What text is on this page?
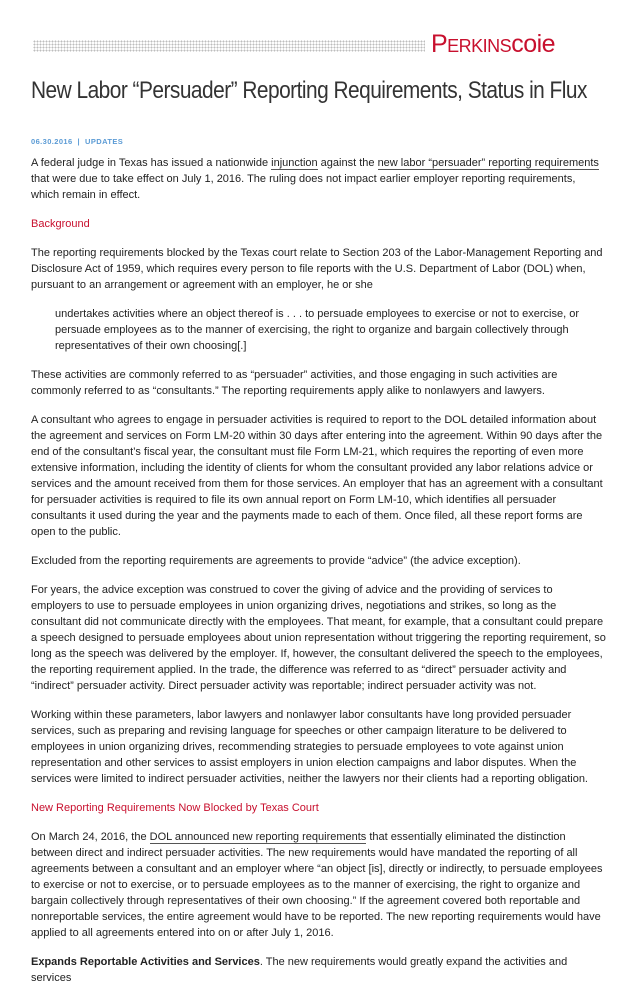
Perkinscoie
New Labor “Persuader” Reporting Requirements, Status in Flux
06.30.2016 | UPDATES

A federal judge in Texas has issued a nationwide injunction against the new labor “persuader” reporting requirements that were due to take effect on July 1, 2016. The ruling does not impact earlier employer reporting requirements, which remain in effect.

Background

The reporting requirements blocked by the Texas court relate to Section 203 of the Labor-Management Reporting and Disclosure Act of 1959, which requires every person to file reports with the U.S. Department of Labor (DOL) when, pursuant to an arrangement or agreement with an employer, he or she

undertakes activities where an object thereof is . . . to persuade employees to exercise or not to exercise, or persuade employees as to the manner of exercising, the right to organize and bargain collectively through representatives of their own choosing[.]

These activities are commonly referred to as “persuader” activities, and those engaging in such activities are commonly referred to as “consultants.” The reporting requirements apply alike to nonlawyers and lawyers.

A consultant who agrees to engage in persuader activities is required to report to the DOL detailed information about the agreement and services on Form LM-20 within 30 days after entering into the agreement. Within 90 days after the end of the consultant’s fiscal year, the consultant must file Form LM-21, which requires the reporting of even more extensive information, including the identity of clients for whom the consultant provided any labor relations advice or services and the amount received from them for those services. An employer that has an agreement with a consultant for persuader activities is required to file its own annual report on Form LM-10, which identifies all persuader consultants it used during the year and the payments made to each of them. Once filed, all these report forms are open to the public.

Excluded from the reporting requirements are agreements to provide “advice” (the advice exception).

For years, the advice exception was construed to cover the giving of advice and the providing of services to employers to use to persuade employees in union organizing drives, negotiations and strikes, so long as the consultant did not communicate directly with the employees. That meant, for example, that a consultant could prepare a speech designed to persuade employees about union representation without triggering the reporting requirement, so long as the speech was delivered by the employer. If, however, the consultant delivered the speech to the employees, the reporting requirement applied. In the trade, the difference was referred to as “direct” persuader activity and “indirect” persuader activity. Direct persuader activity was reportable; indirect persuader activity was not.

Working within these parameters, labor lawyers and nonlawyer labor consultants have long provided persuader services, such as preparing and revising language for speeches or other campaign literature to be delivered to employees in union organizing drives, recommending strategies to persuade employees to vote against union representation and other services to assist employers in union election campaigns and labor disputes. When the services were limited to indirect persuader activities, neither the lawyers nor their clients had a reporting obligation.

New Reporting Requirements Now Blocked by Texas Court

On March 24, 2016, the DOL announced new reporting requirements that essentially eliminated the distinction between direct and indirect persuader activities. The new requirements would have mandated the reporting of all agreements between a consultant and an employer where “an object [is], directly or indirectly, to persuade employees to exercise or not to exercise, or to persuade employees as to the manner of exercising, the right to organize and bargain collectively through representatives of their own choosing.” If the agreement covered both reportable and nonreportable services, the entire agreement would have to be reported. The new reporting requirements would have applied to all agreements entered into on or after July 1, 2016.

Expands Reportable Activities and Services. The new requirements would greatly expand the activities and services
